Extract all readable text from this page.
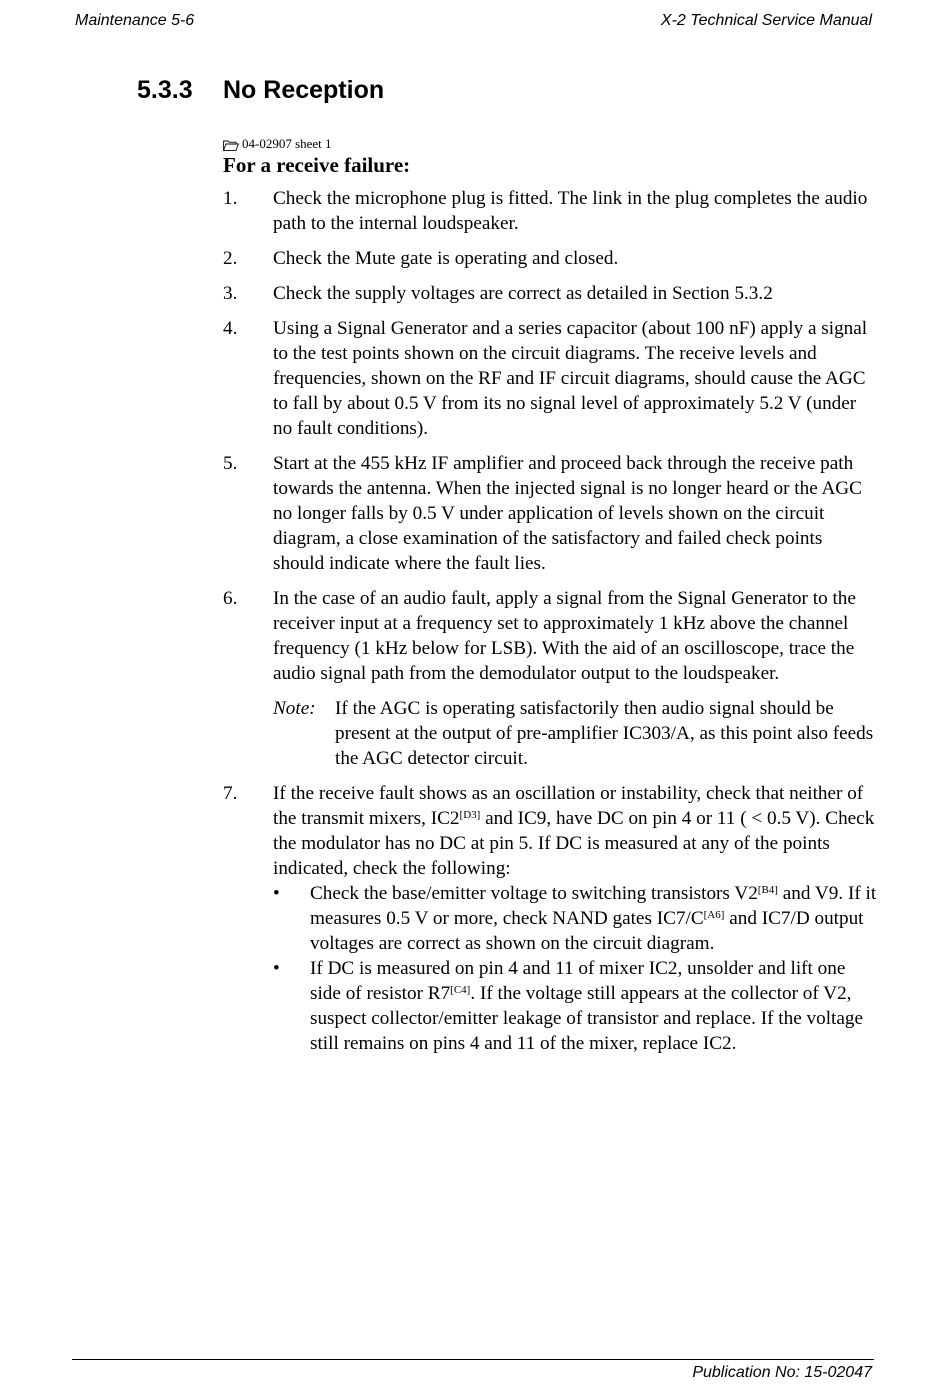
Maintenance 5-6	X-2 Technical Service Manual
5.3.3 No Reception
04-02907 sheet 1
For a receive failure:
1.	Check the microphone plug is fitted. The link in the plug completes the audio path to the internal loudspeaker.
2.	Check the Mute gate is operating and closed.
3.	Check the supply voltages are correct as detailed in Section 5.3.2
4.	Using a Signal Generator and a series capacitor (about 100 nF) apply a signal to the test points shown on the circuit diagrams. The receive levels and frequencies, shown on the RF and IF circuit diagrams, should cause the AGC to fall by about 0.5 V from its no signal level of approximately 5.2 V (under no fault conditions).
5.	Start at the 455 kHz IF amplifier and proceed back through the receive path towards the antenna. When the injected signal is no longer heard or the AGC no longer falls by 0.5 V under application of levels shown on the circuit diagram, a close examination of the satisfactory and failed check points should indicate where the fault lies.
6.	In the case of an audio fault, apply a signal from the Signal Generator to the receiver input at a frequency set to approximately 1 kHz above the channel frequency (1 kHz below for LSB). With the aid of an oscilloscope, trace the audio signal path from the demodulator output to the loudspeaker.
Note:	If the AGC is operating satisfactorily then audio signal should be present at the output of pre-amplifier IC303/A, as this point also feeds the AGC detector circuit.
7.	If the receive fault shows as an oscillation or instability, check that neither of the transmit mixers, IC2[D3] and IC9, have DC on pin 4 or 11 ( < 0.5 V). Check the modulator has no DC at pin 5. If DC is measured at any of the points indicated, check the following:
•	Check the base/emitter voltage to switching transistors V2[B4] and V9. If it measures 0.5 V or more, check NAND gates IC7/C[A6] and IC7/D output voltages are correct as shown on the circuit diagram.
•	If DC is measured on pin 4 and 11 of mixer IC2, unsolder and lift one side of resistor R7[C4]. If the voltage still appears at the collector of V2, suspect collector/emitter leakage of transistor and replace. If the voltage still remains on pins 4 and 11 of the mixer, replace IC2.
Publication No: 15-02047
